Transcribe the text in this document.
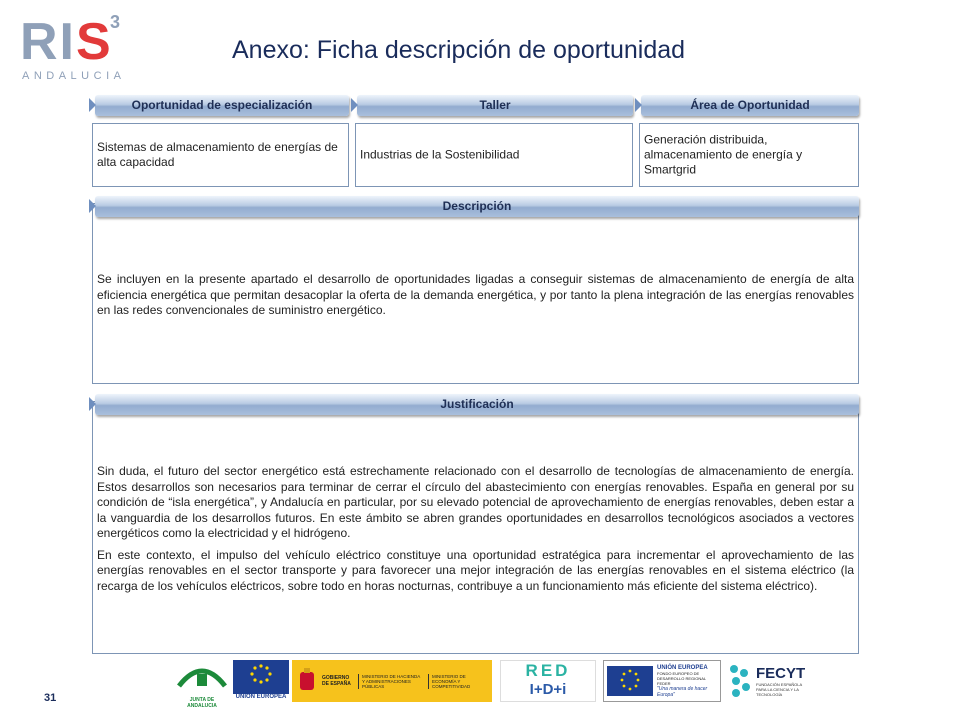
RIS
3
ANDALUCIA
Anexo: Ficha descripción de oportunidad
Oportunidad de especialización
Sistemas de almacenamiento de energías de alta capacidad
Taller
Industrias de la Sostenibilidad
Área de Oportunidad
Generación distribuida, almacenamiento de energía y Smartgrid
Se incluyen en la presente apartado el desarrollo de oportunidades ligadas a conseguir sistemas de almacenamiento de energía de alta eficiencia energética que permitan desacoplar la oferta de la demanda energética, y por tanto la plena integración de las energías renovables en las redes convencionales de suministro energético.
Descripción

Sin duda, el futuro del sector energético está estrechamente relacionado con el desarrollo de tecnologías de almacenamiento de energía. Estos desarrollos son necesarios para terminar de cerrar el círculo del abastecimiento con energías renovables. España en general por su condición de “isla energética”, y Andalucía en particular, por su elevado potencial de aprovechamiento de energías renovables, deben estar a la vanguardia de los desarrollos futuros. En este ámbito se abren grandes oportunidades en desarrollos tecnológicos asociados a vectores energéticos como la electricidad y el hidrógeno.

En este contexto, el impulso del vehículo eléctrico constituye una oportunidad estratégica para incrementar el aprovechamiento de las energías renovables en el sector transporte y para favorecer una mejor integración de las energías renovables en el sistema eléctrico (la recarga de los vehículos eléctricos, sobre todo en horas nocturnas, contribuye a un funcionamiento más eficiente del sistema eléctrico).

Justificación
31	JUNTA DE ANDALUCIA
UNIÓN EUROPEA
GOBIERNO DE ESPAÑA
MINISTERIO DE HACIENDA Y ADMINISTRACIONES PÚBLICAS
MINISTERIO DE ECONOMÍA Y COMPETITIVIDAD
RED
I+D+i
UNIÓN EUROPEA
FONDO EUROPEO DE DESARROLLO REGIONAL FEDER
"Una manera de hacer Europa"
FECYT
FUNDACIÓN ESPAÑOLA PARA LA CIENCIA Y LA TECNOLOGÍA
